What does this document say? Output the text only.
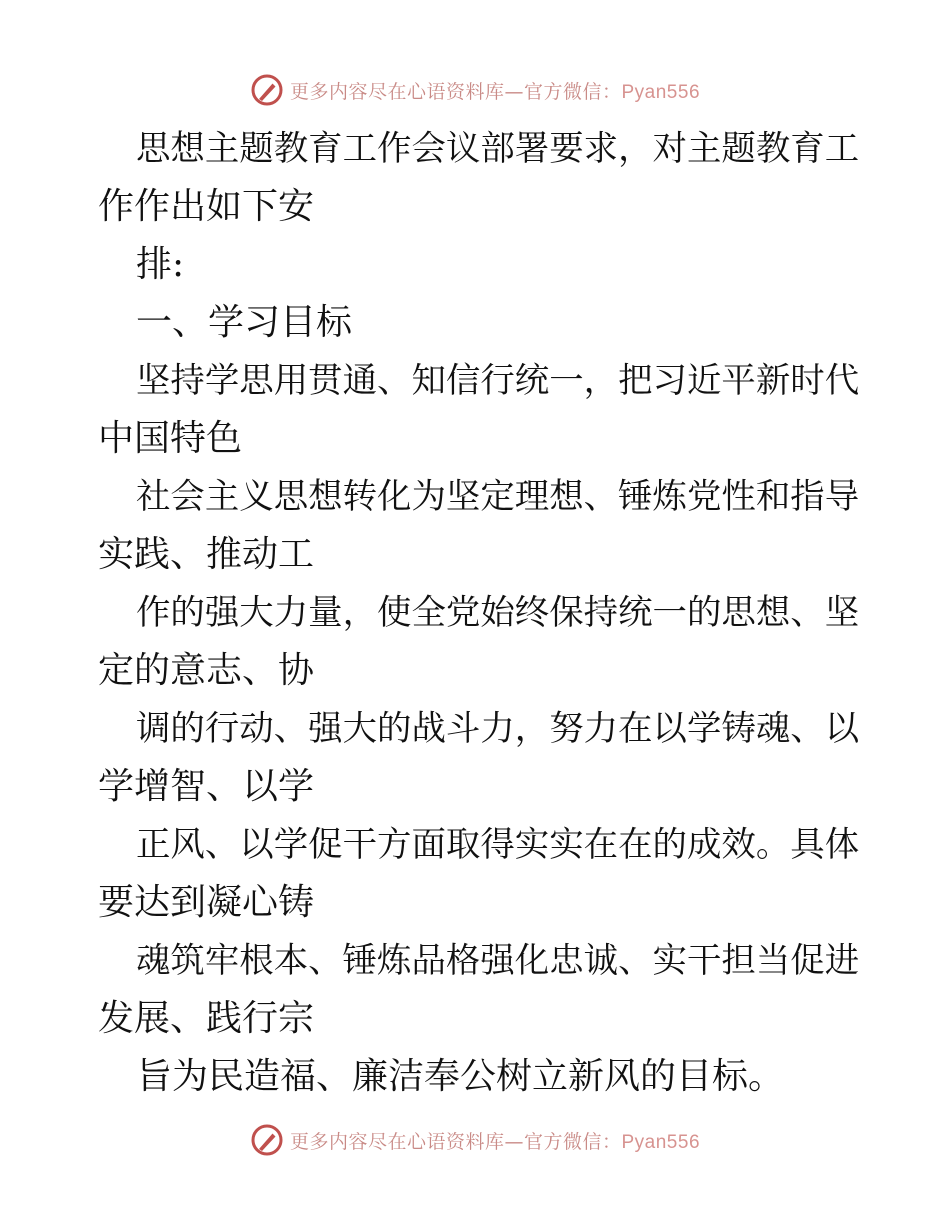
更多内容尽在心语资料库—官方微信：Pyan556
思想主题教育工作会议部署要求，对主题教育工
作作出如下安
排:
一、学习目标
坚持学思用贯通、知信行统一，把习近平新时代
中国特色
社会主义思想转化为坚定理想、锤炼党性和指导
实践、推动工
作的强大力量，使全党始终保持统一的思想、坚
定的意志、协
调的行动、强大的战斗力，努力在以学铸魂、以
学增智、以学
正风、以学促干方面取得实实在在的成效。具体
要达到凝心铸
魂筑牢根本、锤炼品格强化忠诚、实干担当促进
发展、践行宗
旨为民造福、廉洁奉公树立新风的目标。
更多内容尽在心语资料库—官方微信：Pyan556
